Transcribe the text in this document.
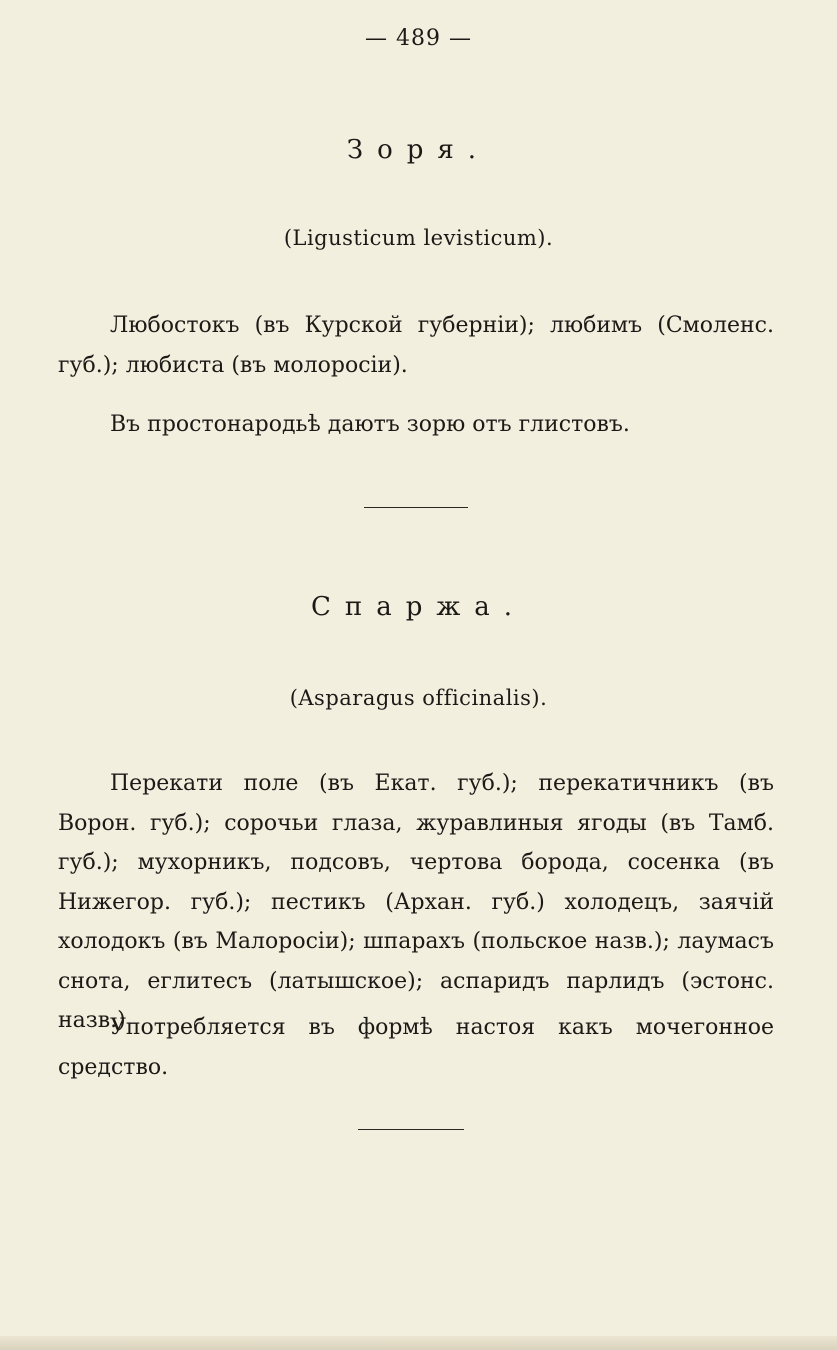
— 489 —
Зоря.
(Ligusticum levisticum).

Любостокъ (въ Курской губерніи); любимъ (Смоленс. губ.); любиста (въ молоросіи).

Въ простонародьѣ даютъ зорю отъ глистовъ.

Спаржа.
(Asparagus officinalis).

Перекати поле (въ Екат. губ.); перекатичникъ (въ Ворон. губ.); сорочьи глаза, журавлиныя ягоды (въ Тамб. губ.); мухорникъ, подсовъ, чертова борода, сосенка (въ Нижегор. губ.); пестикъ (Архан. губ.) холодецъ, заячій холодокъ (въ Малоросіи); шпарахъ (польское назв.); лаумасъ снота, еглитесъ (латышское); аспаридъ парлидъ (эстонс. назв.)

Употребляется въ формѣ настоя какъ мочегонное средство.
